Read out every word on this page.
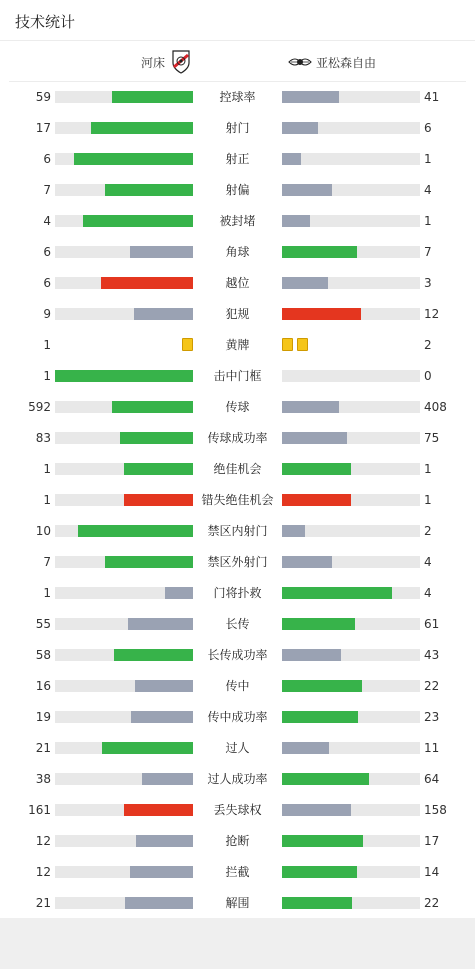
技术统计
河床	亚松森自由
59	控球率	41
17	射门	6
6	射正	1
7	射偏	4
4	被封堵	1
6	角球	7
6	越位	3
9	犯规	12
1	黄牌	2
1	击中门框	0
592	传球	408
83	传球成功率	75
1	绝佳机会	1
1	错失绝佳机会	1
10	禁区内射门	2
7	禁区外射门	4
1	门将扑救	4
55	长传	61
58	长传成功率	43
16	传中	22
19	传中成功率	23
21	过人	11
38	过人成功率	64
161	丢失球权	158
12	抢断	17
12	拦截	14
21	解围	22
